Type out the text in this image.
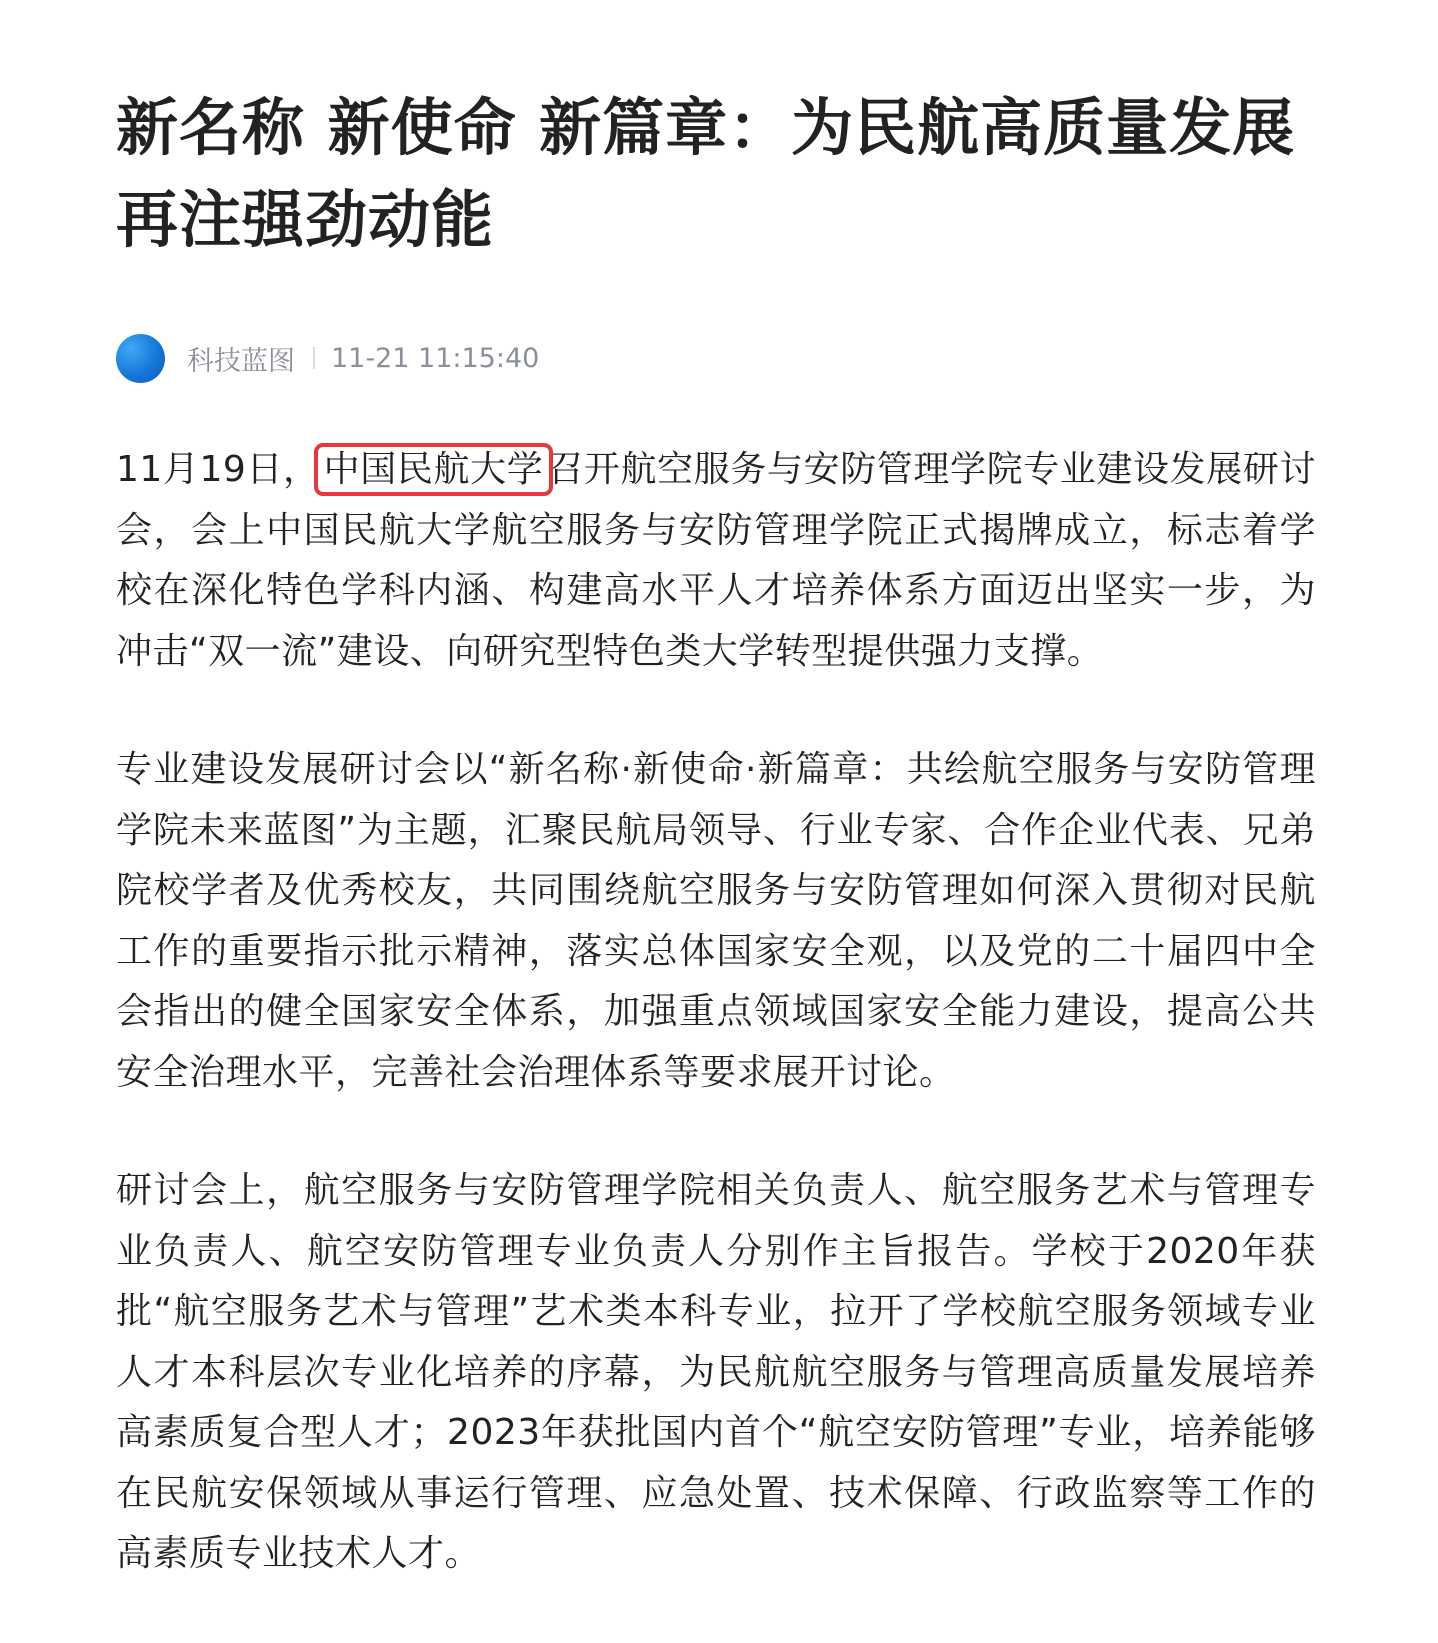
新名称 新使命 新篇章：为民航高质量发展再注强劲动能
科技蓝图 11-21 11:15:40

11月19日， 中国民航大学 召开航空服务与安防管理学院专业建设发展研讨会，会上中国民航大学航空服务与安防管理学院正式揭牌成立，标志着学校在深化特色学科内涵、构建高水平人才培养体系方面迈出坚实一步，为冲击“双一流”建设、向研究型特色类大学转型提供强力支撑。

专业建设发展研讨会以“新名称·新使命·新篇章：共绘航空服务与安防管理学院未来蓝图”为主题，汇聚民航局领导、行业专家、合作企业代表、兄弟院校学者及优秀校友，共同围绕航空服务与安防管理如何深入贯彻对民航工作的重要指示批示精神，落实总体国家安全观，以及党的二十届四中全会指出的健全国家安全体系，加强重点领域国家安全能力建设，提高公共安全治理水平，完善社会治理体系等要求展开讨论。

研讨会上，航空服务与安防管理学院相关负责人、航空服务艺术与管理专业负责人、航空安防管理专业负责人分别作主旨报告。学校于2020年获批“航空服务艺术与管理”艺术类本科专业，拉开了学校航空服务领域专业人才本科层次专业化培养的序幕，为民航航空服务与管理高质量发展培养高素质复合型人才；2023年获批国内首个“航空安防管理”专业，培养能够在民航安保领域从事运行管理、应急处置、技术保障、行政监察等工作的高素质专业技术人才。
